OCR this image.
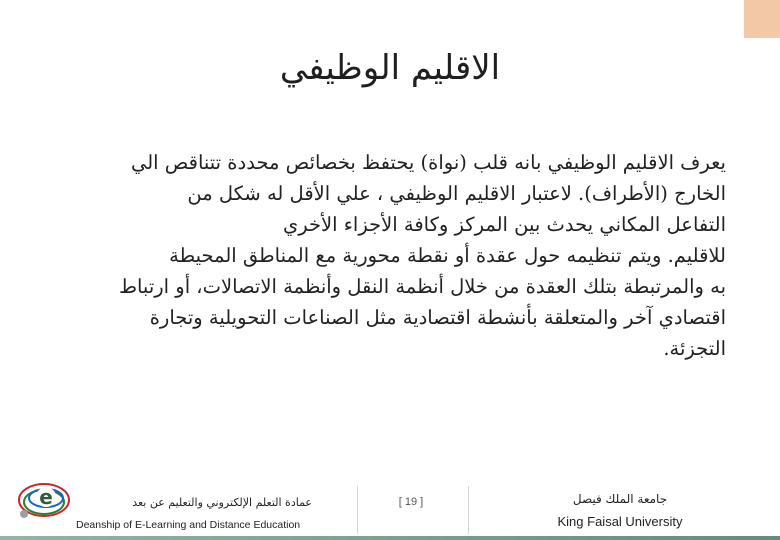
الاقليم الوظيفي
يعرف الاقليم الوظيفي بانه قلب (نواة) يحتفظ بخصائص محددة تتناقص الي
الخارج (الأطراف). لاعتبار الاقليم الوظيفي ، علي الأقل له شكل من
التفاعل المكاني يحدث بين المركز وكافة الأجزاء الأخري
للاقليم. ويتم تنظيمه حول عقدة أو نقطة محورية مع المناطق المحيطة
به والمرتبطة بتلك العقدة من خلال أنظمة النقل وأنظمة الاتصالات، أو ارتباط
اقتصادي آخر والمتعلقة بأنشطة اقتصادية مثل الصناعات التحويلية وتجارة
التجزئة.
e	عمادة التعلم الإلكتروني والتعليم عن بعد
Deanship of E-Learning and Distance Education
[ 19 ]	جامعة الملك فيصل
King Faisal University
